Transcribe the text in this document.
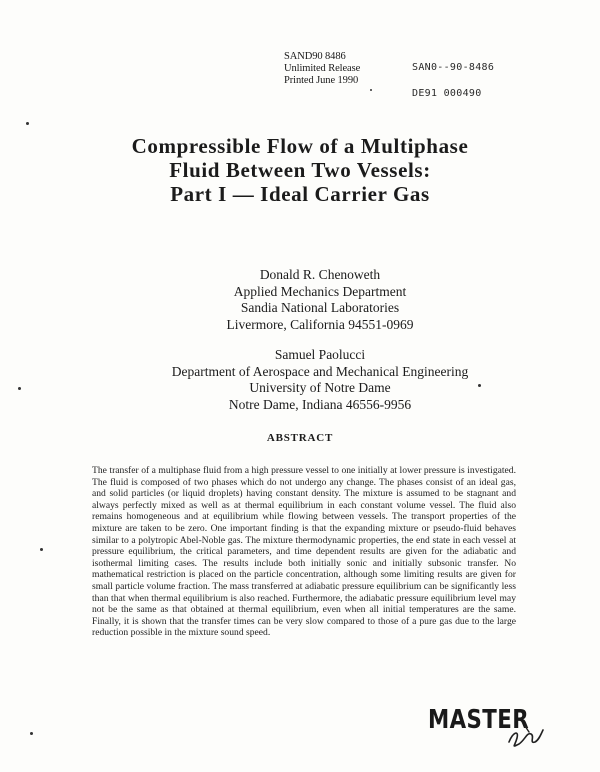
SAND90 8486
Unlimited Release
Printed June 1990
SAN0--90-8486
DE91 000490
Compressible Flow of a Multiphase
Fluid Between Two Vessels:
Part I — Ideal Carrier Gas
Donald R. Chenoweth
Applied Mechanics Department
Sandia National Laboratories
Livermore, California 94551-0969
Samuel Paolucci
Department of Aerospace and Mechanical Engineering
University of Notre Dame
Notre Dame, Indiana 46556-9956
ABSTRACT
The transfer of a multiphase fluid from a high pressure vessel to one initially at lower pressure is investigated. The fluid is composed of two phases which do not undergo any change. The phases consist of an ideal gas, and solid particles (or liquid droplets) having constant density. The mixture is assumed to be stagnant and always perfectly mixed as well as at thermal equilibrium in each constant volume vessel. The fluid also remains homogeneous and at equilibrium while flowing between vessels. The transport properties of the mixture are taken to be zero. One important finding is that the expanding mixture or pseudo-fluid behaves similar to a polytropic Abel-Noble gas. The mixture thermodynamic properties, the end state in each vessel at pressure equilibrium, the critical parameters, and time dependent results are given for the adiabatic and isothermal limiting cases. The results include both initially sonic and initially subsonic transfer. No mathematical restriction is placed on the particle concentration, although some limiting results are given for small particle volume fraction. The mass transferred at adiabatic pressure equilibrium can be significantly less than that when thermal equilibrium is also reached. Furthermore, the adiabatic pressure equilibrium level may not be the same as that obtained at thermal equilibrium, even when all initial temperatures are the same. Finally, it is shown that the transfer times can be very slow compared to those of a pure gas due to the large reduction possible in the mixture sound speed.
MASTER
